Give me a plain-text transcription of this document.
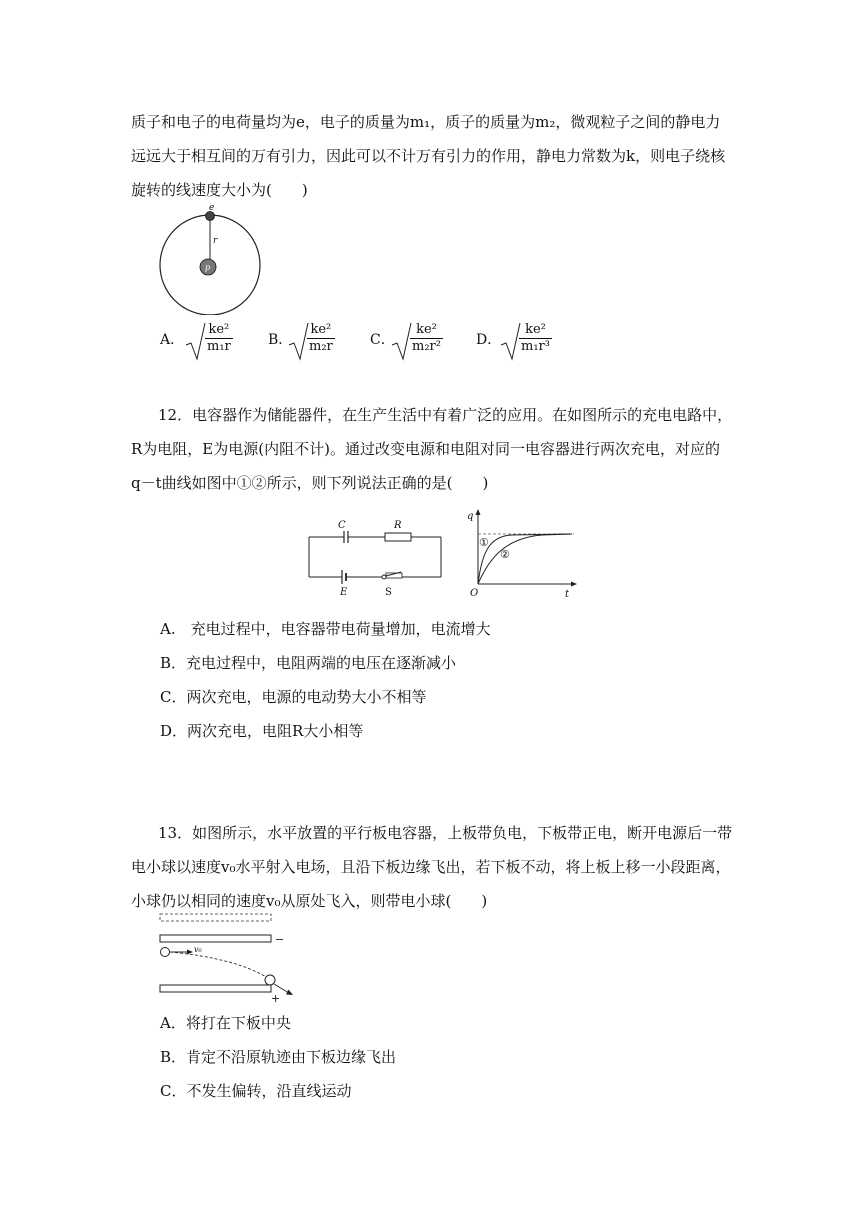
质子和电子的电荷量均为e，电子的质量为m₁，质子的质量为m₂，微观粒子之间的静电力
远远大于相互间的万有引力，因此可以不计万有引力的作用，静电力常数为k，则电子绕核
旋转的线速度大小为(　　)
e
r
p
A． $\frac{\text{ke²}}{\text{m₁r}}$	B． $\frac{\text{ke²}}{\text{m₂r}}$	C． $\frac{\text{ke²}}{\text{m₂r²}}$ D． $\frac{\text{ke²}}{\text{m₁r³}}$
12．电容器作为储能器件，在生产生活中有着广泛的应用。在如图所示的充电电路中，
R为电阻，E为电源(内阻不计)。通过改变电源和电阻对同一电容器进行两次充电，对应的
q－t曲线如图中①②所示，则下列说法正确的是(　　)
C	R
E	S
q
t
O
①
②
A.　充电过程中，电容器带电荷量增加，电流增大
B．充电过程中，电阻两端的电压在逐渐减小
C．两次充电，电源的电动势大小不相等
D．两次充电，电阻R大小相等
13．如图所示，水平放置的平行板电容器，上板带负电，下板带正电，断开电源后一带
电小球以速度v₀水平射入电场，且沿下板边缘飞出，若下板不动，将上板上移一小段距离，
小球仍以相同的速度v₀从原处飞入，则带电小球(　　)
−
v₀
+
A．将打在下板中央
B．肯定不沿原轨迹由下板边缘飞出
C．不发生偏转，沿直线运动
